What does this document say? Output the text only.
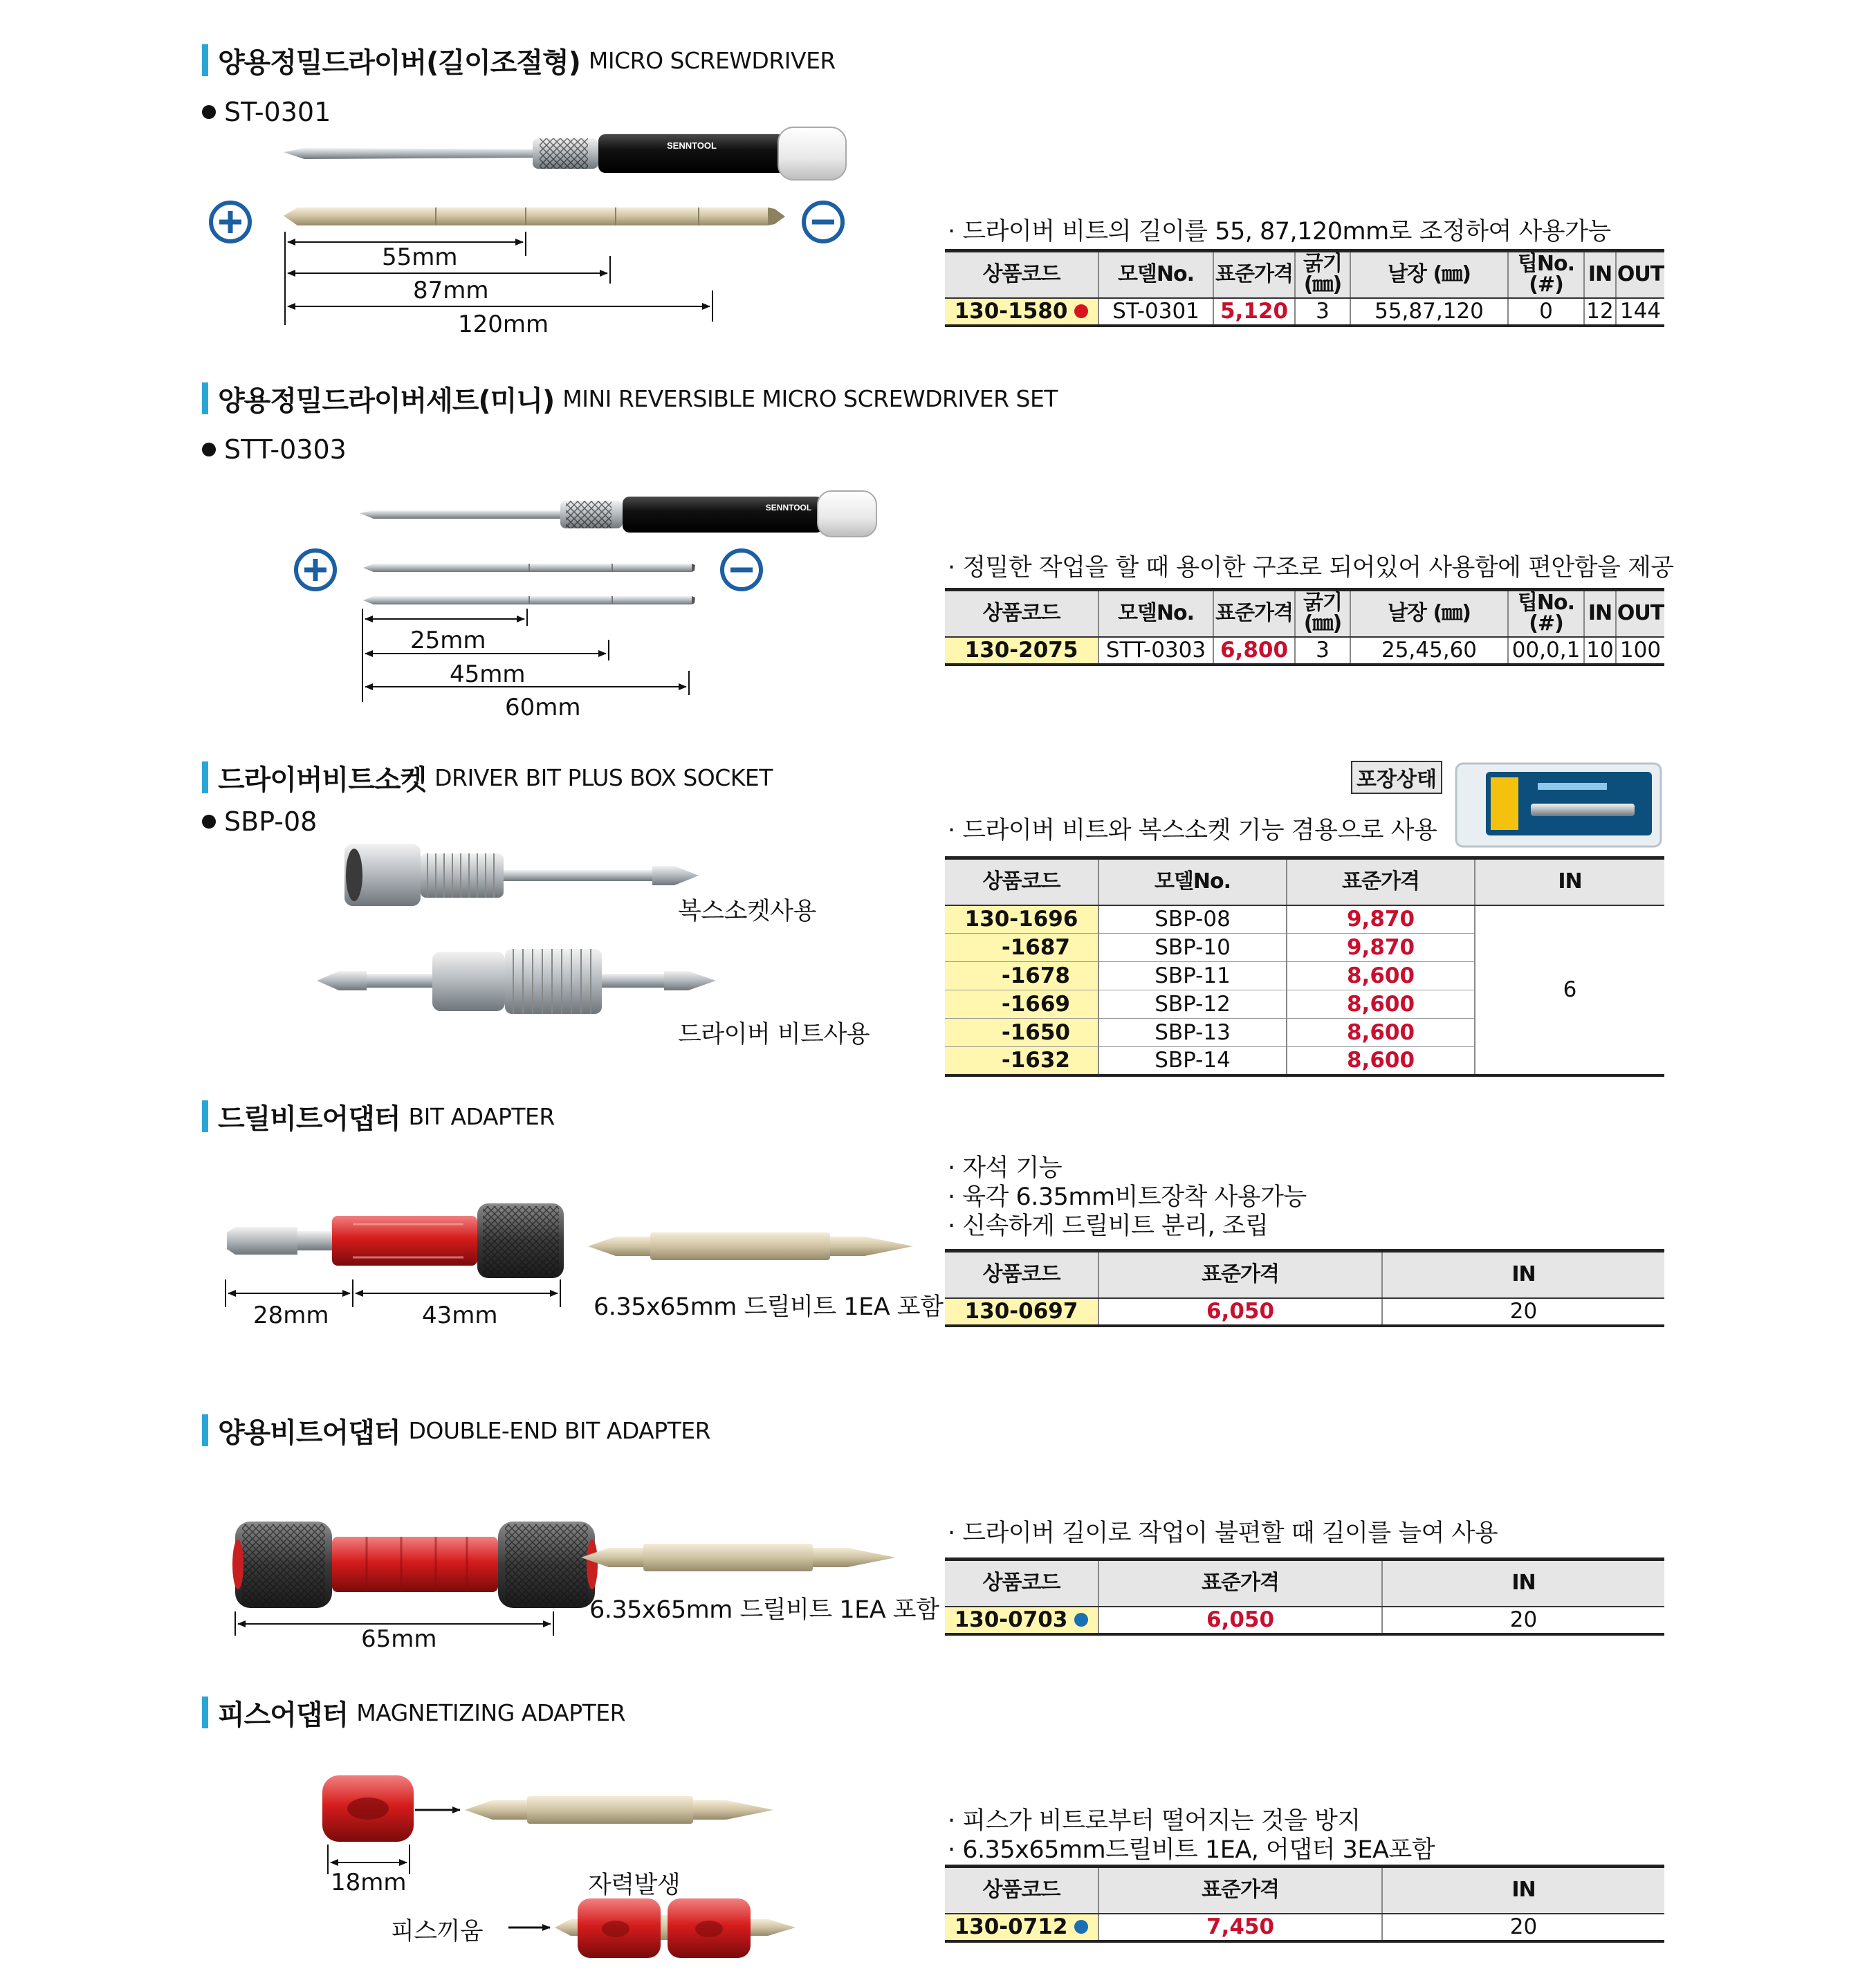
양용정밀드라이버(길이조절형) MICRO SCREWDRIVER
ST-0301
SENNTOOL
55mm
87mm
120mm
· 드라이버 비트의 길이를 55, 87,120mm로 조정하여 사용가능
상품코드	모델No.	표준가격	굵기 (㎜)	날장 (㎜)	팁No. (#)	IN	OUT
130-1580	ST-0301	5,120	3	55,87,120	0	12	144
양용정밀드라이버세트(미니) MINI REVERSIBLE MICRO SCREWDRIVER SET
STT-0303
SENNTOOL
25mm
45mm
60mm
· 정밀한 작업을 할 때 용이한 구조로 되어있어 사용함에 편안함을 제공
상품코드	모델No.	표준가격	굵기 (㎜)	날장 (㎜)	팁No. (#)	IN	OUT
130-2075	STT-0303	6,800	3	25,45,60	00,0,1	10	100
드라이버비트소켓 DRIVER BIT PLUS BOX SOCKET
SBP-08
복스소켓사용
드라이버 비트사용
포장상태
· 드라이버 비트와 복스소켓 기능 겸용으로 사용
상품코드	모델No.	표준가격	IN
130-1696	SBP-08	9,870	6
-1687	SBP-10	9,870	
-1678	SBP-11	8,600	
-1669	SBP-12	8,600	
-1650	SBP-13	8,600	
-1632	SBP-14	8,600	
드릴비트어댑터 BIT ADAPTER
28mm	43mm	6.35x65mm 드릴비트 1EA 포함
· 자석 기능
· 육각 6.35mm비트장착 사용가능
· 신속하게 드릴비트 분리, 조립
상품코드	표준가격	IN
130-0697	6,050	20
양용비트어댑터 DOUBLE-END BIT ADAPTER
65mm
6.35x65mm 드릴비트 1EA 포함
· 드라이버 길이로 작업이 불편할 때 길이를 늘여 사용
상품코드	표준가격	IN
130-0703	6,050	20
피스어댑터 MAGNETIZING ADAPTER
18mm	자력발생
피스끼움
· 피스가 비트로부터 떨어지는 것을 방지
· 6.35x65mm드릴비트 1EA, 어댑터 3EA포함
상품코드	표준가격	IN
130-0712	7,450	20
